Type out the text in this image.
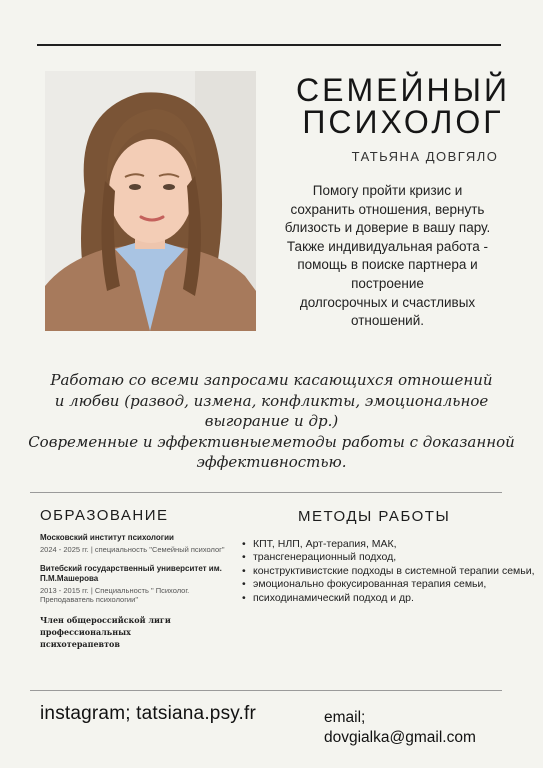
СЕМЕЙНЫЙ
ПСИХОЛОГ
ТАТЬЯНА ДОВГЯЛО
Помогу пройти кризис и
сохранить отношения, вернуть
близость и доверие в вашу пару.
Также индивидуальная работа -
помощь в поиске партнера и
построение
долгосрочных и счастливых
отношений.
Работаю со всеми запросами касающихся отношений
и любви (развод, измена, конфликты, эмоциональное
выгорание и др.)
Современные и эффективныеметоды работы с доказанной
эффективностью.
ОБРАЗОВАНИЕ	МЕТОДЫ РАБОТЫ
Московский институт психологии
2024 - 2025 гг. | специальность "Семейный психолог"
Витебский государственный университет им. П.М.Машерова
2013 - 2015 гг. | Специальность " Психолог. Преподаватель психологии"
Член общероссийской лиги профессиональных психотерапевтов
• КПТ, НЛП, Арт-терапия, МАК,
• трансгенерационный подход,
• конструктивистские подходы в системной терапии семьи,
• эмоционально фокусированная терапия семьи,
• психодинамический подход и др.
instagram; tatsiana.psy.fr	email;
dovgialka@gmail.com
